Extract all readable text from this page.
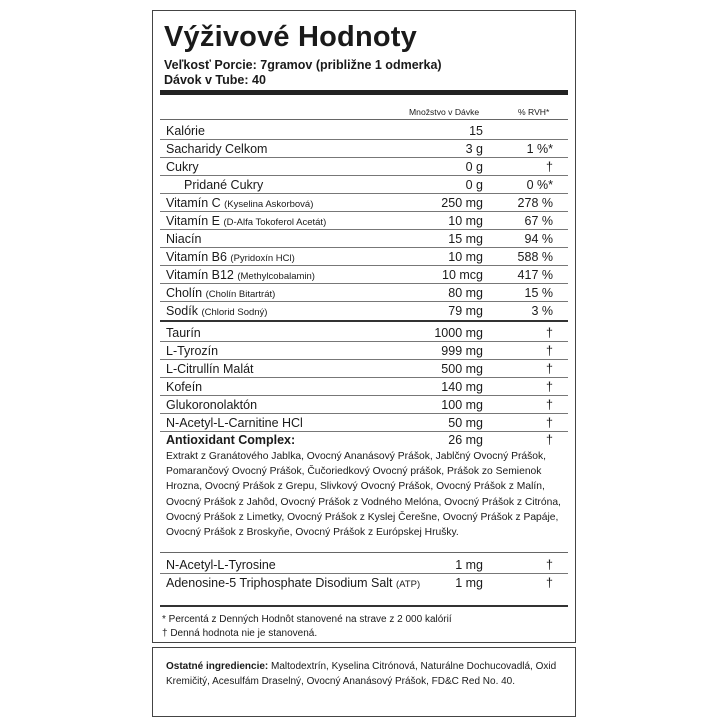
Výživové Hodnoty
Veľkosť Porcie: 7gramov (približne 1 odmerka)
Dávok v Tube: 40
Množstvo v Dávke	% RVH*
Kalórie	15
Sacharidy Celkom	3 g	1 %*
Cukry	0 g	†
Pridané Cukry	0 g	0 %*
Vitamín C (Kyselina Askorbová)	250 mg	278 %
Vitamín E (D-Alfa Tokoferol Acetát)	10 mg	67 %
Niacín	15 mg	94 %
Vitamín B6 (Pyridoxín HCl)	10 mg	588 %
Vitamín B12 (Methylcobalamin)	10 mcg	417 %
Cholín (Cholín Bitartrát)	80 mg	15 %
Sodík (Chlorid Sodný)	79 mg	3 %
Taurín	1000 mg	†
L-Tyrozín	999 mg	†
L-Citrullín Malát	500 mg	†
Kofeín	140 mg	†
Glukoronolaktón	100 mg	†
N-Acetyl-L-Carnitine HCl	50 mg	†
Antioxidant Complex:	26 mg	†
Extrakt z Granátového Jablka, Ovocný Ananásový Prášok, Jablčný Ovocný Prášok, Pomarančový Ovocný Prášok, Čučoriedkový Ovocný prášok, Prášok zo Semienok Hrozna, Ovocný Prášok z Grepu, Slivkový Ovocný Prášok, Ovocný Prášok z Malín, Ovocný Prášok z Jahôd, Ovocný Prášok z Vodného Melóna, Ovocný Prášok z Citróna, Ovocný Prášok z Limetky, Ovocný Prášok z Kyslej Čerešne, Ovocný Prášok z Papáje, Ovocný Prášok z Broskyňe, Ovocný Prášok z Európskej Hrušky.
N-Acetyl-L-Tyrosine	1 mg	†
Adenosine-5 Triphosphate Disodium Salt (ATP)	1 mg	†
* Percentá z Denných Hodnôt stanovené na strave z 2 000 kalórií
† Denná hodnota nie je stanovená.
Ostatné ingrediencie: Maltodextrín, Kyselina Citrónová, Naturálne Dochucovadlá, Oxid Kremičitý, Acesulfám Draselný, Ovocný Ananásový Prášok, FD&C Red No. 40.
